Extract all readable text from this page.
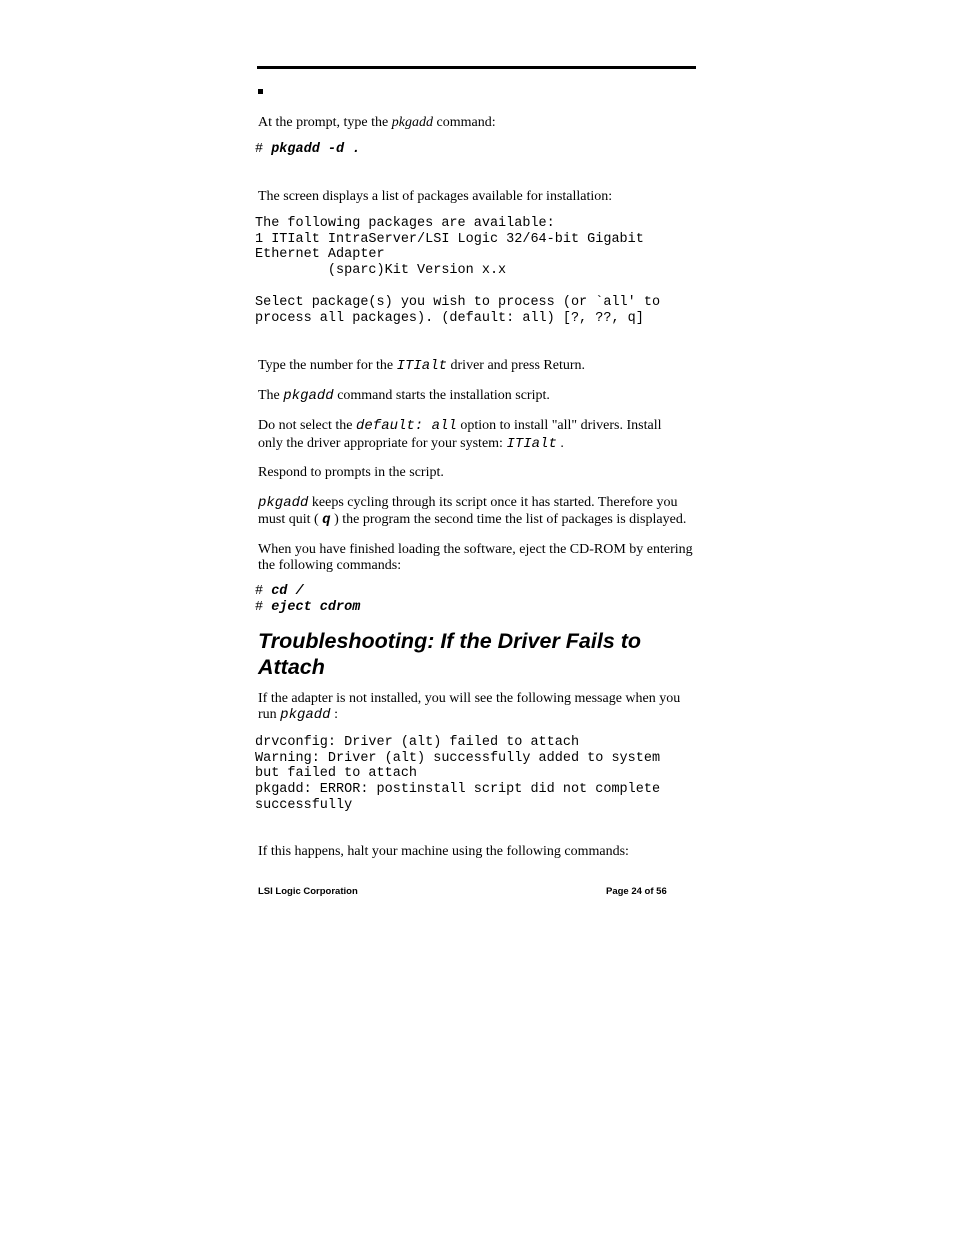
At the prompt, type the pkgadd command:

# pkgadd -d .

The screen displays a list of packages available for installation:

The following packages are available:

1 ITIalt IntraServer/LSI Logic 32/64-bit Gigabit

Ethernet Adapter

(sparc)Kit Version x.x

Select package(s) you wish to process (or `all' to

process all packages). (default: all) [?, ??, q]

Type the number for the ITIalt driver and press Return.

The pkgadd command starts the installation script.

Do not select the default: all option to install "all" drivers. Install

only the driver appropriate for your system: ITIalt .

Respond to prompts in the script.

pkgadd keeps cycling through its script once it has started. Therefore you

must quit ( q ) the program the second time the list of packages is displayed.

When you have finished loading the software, eject the CD-ROM by entering

the following commands:

# cd /

# eject cdrom

Troubleshooting: If the Driver Fails to

Attach

If the adapter is not installed, you will see the following message when you

run pkgadd :

drvconfig: Driver (alt) failed to attach

Warning: Driver (alt) successfully added to system

but failed to attach

pkgadd: ERROR: postinstall script did not complete

successfully

If this happens, halt your machine using the following commands:

LSI Logic Corporation	Page 24 of 56
